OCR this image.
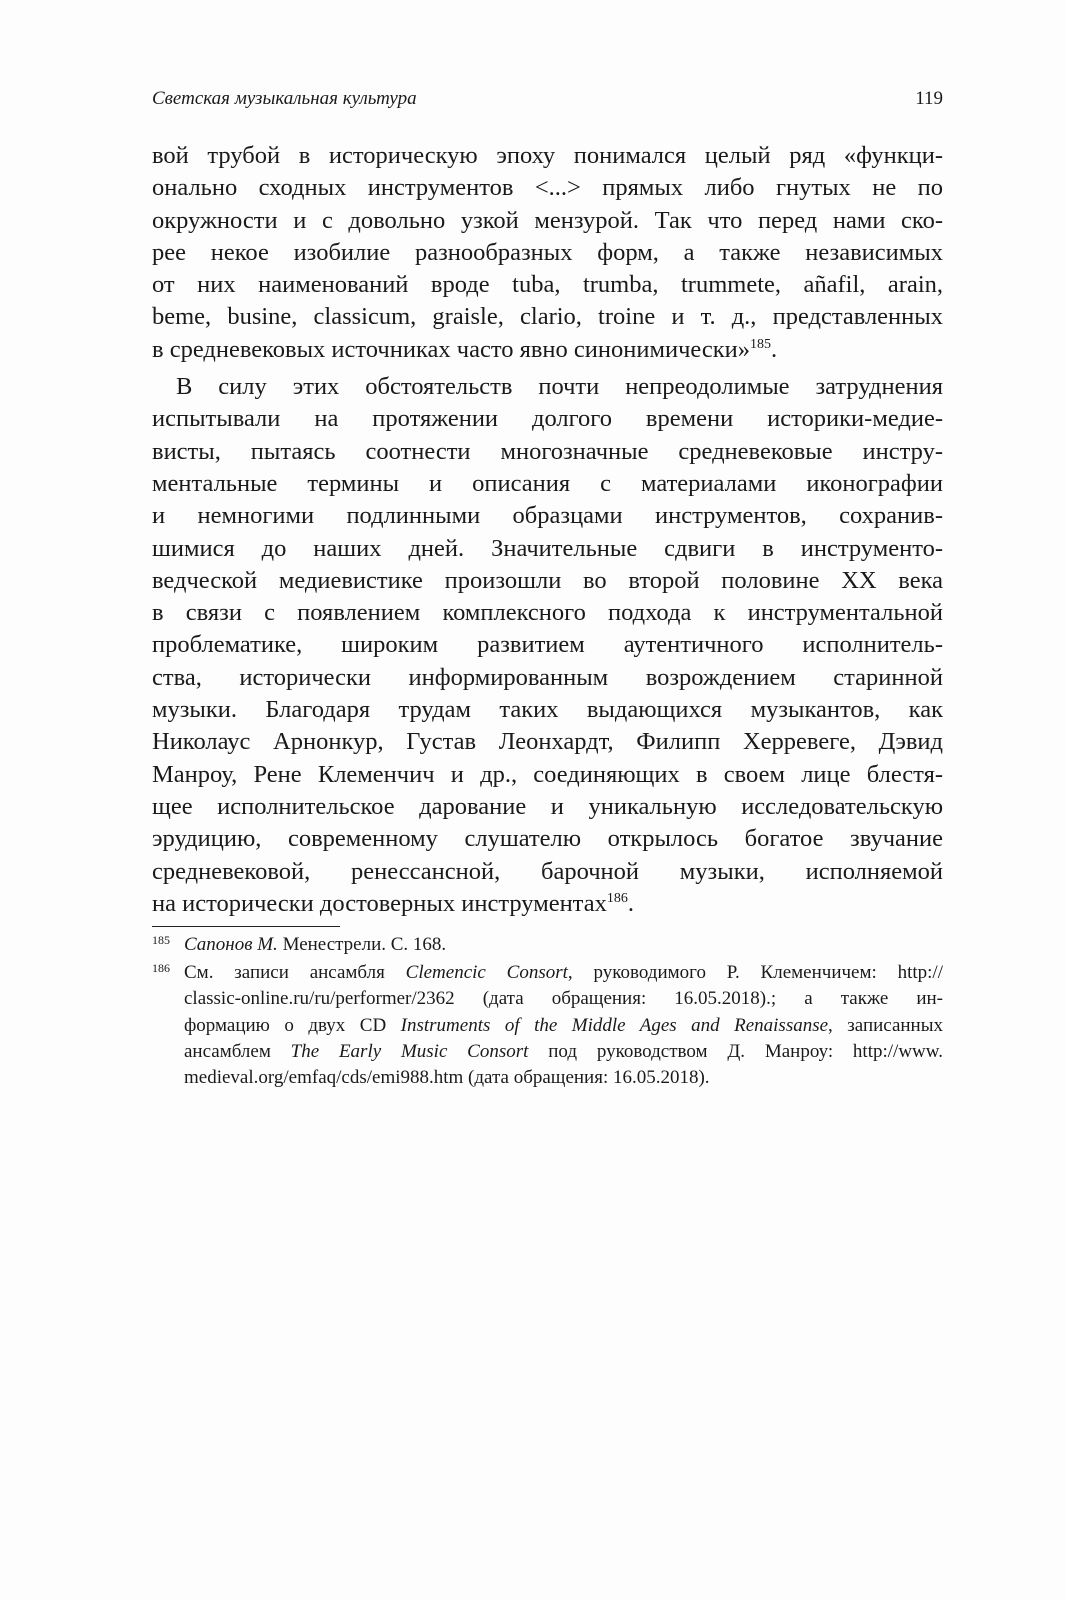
Светская музыкальная культура	119
вой трубой в историческую эпоху понимался целый ряд «функци-
онально сходных инструментов <...> прямых либо гнутых не по
окружности и с довольно узкой мензурой. Так что перед нами ско-
рее некое изобилие разнообразных форм, а также независимых
от них наименований вроде tuba, trumba, trummete, añafil, arain,
beme, busine, classicum, graisle, clario, troine и т. д., представленных
в средневековых источниках часто явно синонимически»$^{185}$.
В силу этих обстоятельств почти непреодолимые затруднения
испытывали на протяжении долгого времени историки-медие-
висты, пытаясь соотнести многозначные средневековые инстру-
ментальные термины и описания с материалами иконографии
и немногими подлинными образцами инструментов, сохранив-
шимися до наших дней. Значительные сдвиги в инструменто-
ведческой медиевистике произошли во второй половине XX века
в связи с появлением комплексного подхода к инструментальной
проблематике, широким развитием аутентичного исполнитель-
ства, исторически информированным возрождением старинной
музыки. Благодаря трудам таких выдающихся музыкантов, как
Николаус Арнонкур, Густав Леонхардт, Филипп Херревеге, Дэвид
Манроу, Рене Клеменчич и др., соединяющих в своем лице блестя-
щее исполнительское дарование и уникальную исследовательскую
эрудицию, современному слушателю открылось богатое звучание
средневековой, ренессансной, барочной музыки, исполняемой
на исторически достоверных инструментах$^{186}$.
185 Сапонов М. Менестрели. С. 168.
186 См. записи ансамбля Clemencic Consort, руководимого Р. Клеменчичем: http://
classic-online.ru/ru/performer/2362 (дата обращения: 16.05.2018).; а также ин-
формацию о двух CD Instruments of the Middle Ages and Renaissanse, записанных
ансамблем The Early Music Consort под руководством Д. Манроу: http://www.
medieval.org/emfaq/cds/emi988.htm (дата обращения: 16.05.2018).
